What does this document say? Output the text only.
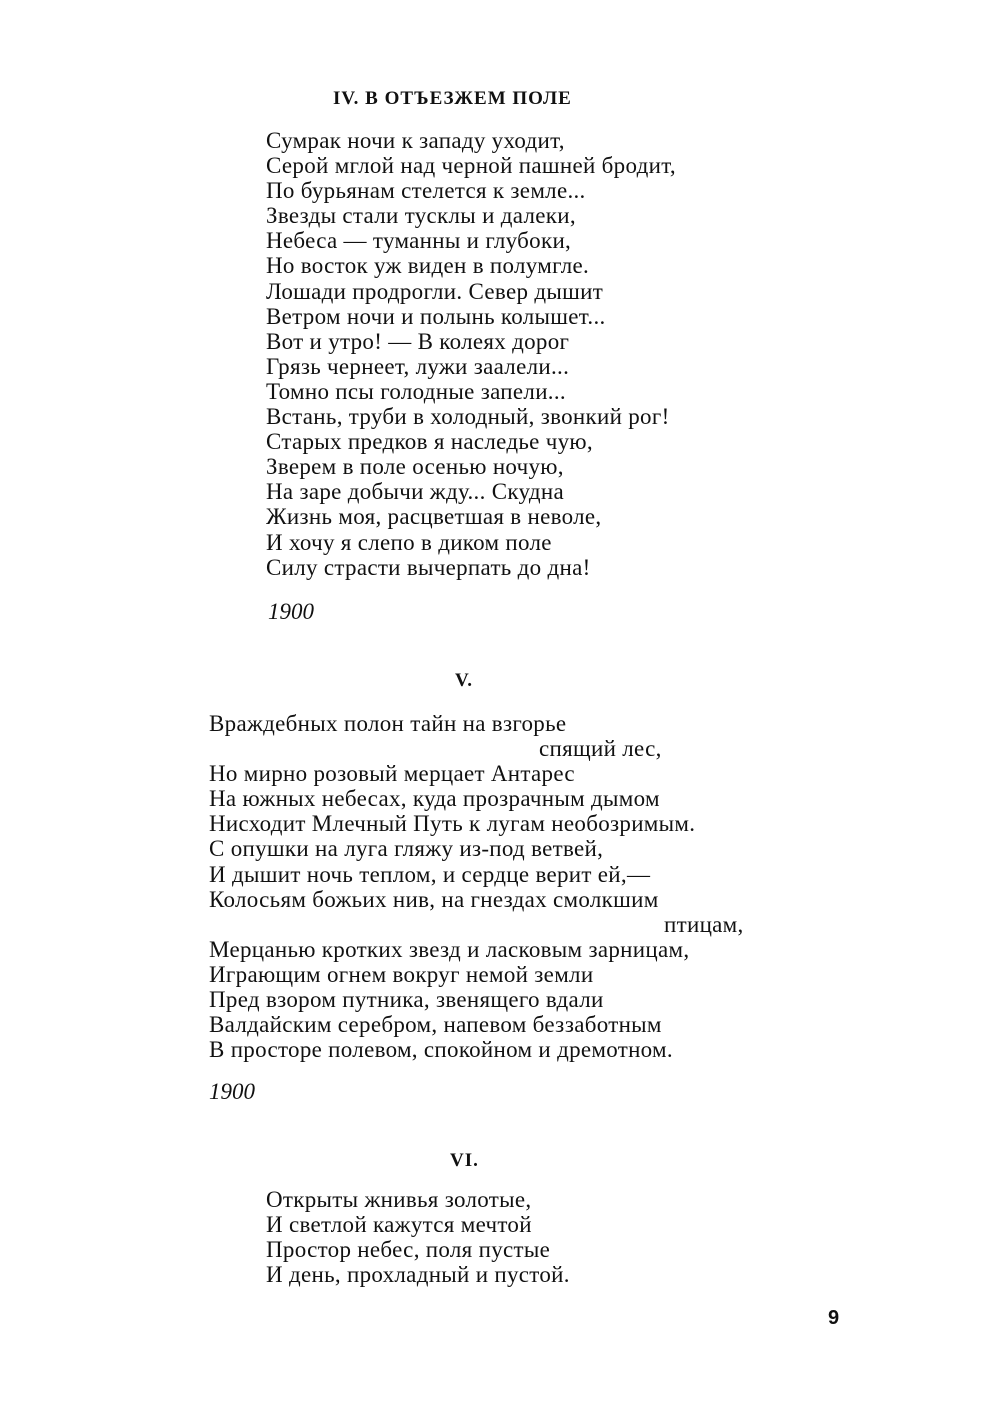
IV. В ОТЪЕЗЖЕМ ПОЛЕ
Сумрак ночи к западу уходит,
Серой мглой над черной пашней бродит,
По бурьянам стелется к земле...
Звезды стали тусклы и далеки,
Небеса — туманны и глубоки,
Но восток уж виден в полумгле.
Лошади продрогли. Север дышит
Ветром ночи и полынь колышет...
Вот и утро! — В колеях дорог
Грязь чернеет, лужи заалели...
Томно псы голодные запели...
Встань, труби в холодный, звонкий рог!
Старых предков я наследье чую,
Зверем в поле осенью ночую,
На заре добычи жду... Скудна
Жизнь моя, расцветшая в неволе,
И хочу я слепо в диком поле
Силу страсти вычерпать до дна!
1900
V.
Враждебных полон тайн на взгорье
спящий лес,
Но мирно розовый мерцает Антарес
На южных небесах, куда прозрачным дымом
Нисходит Млечный Путь к лугам необозримым.
С опушки на луга гляжу из-под ветвей,
И дышит ночь теплом, и сердце верит ей,—
Колосьям божьих нив, на гнездах смолкшим
птицам,
Мерцанью кротких звезд и ласковым зарницам,
Играющим огнем вокруг немой земли
Пред взором путника, звенящего вдали
Валдайским серебром, напевом беззаботным
В просторе полевом, спокойном и дремотном.
1900
VI.
Открыты жнивья золотые,
И светлой кажутся мечтой
Простор небес, поля пустые
И день, прохладный и пустой.
9
